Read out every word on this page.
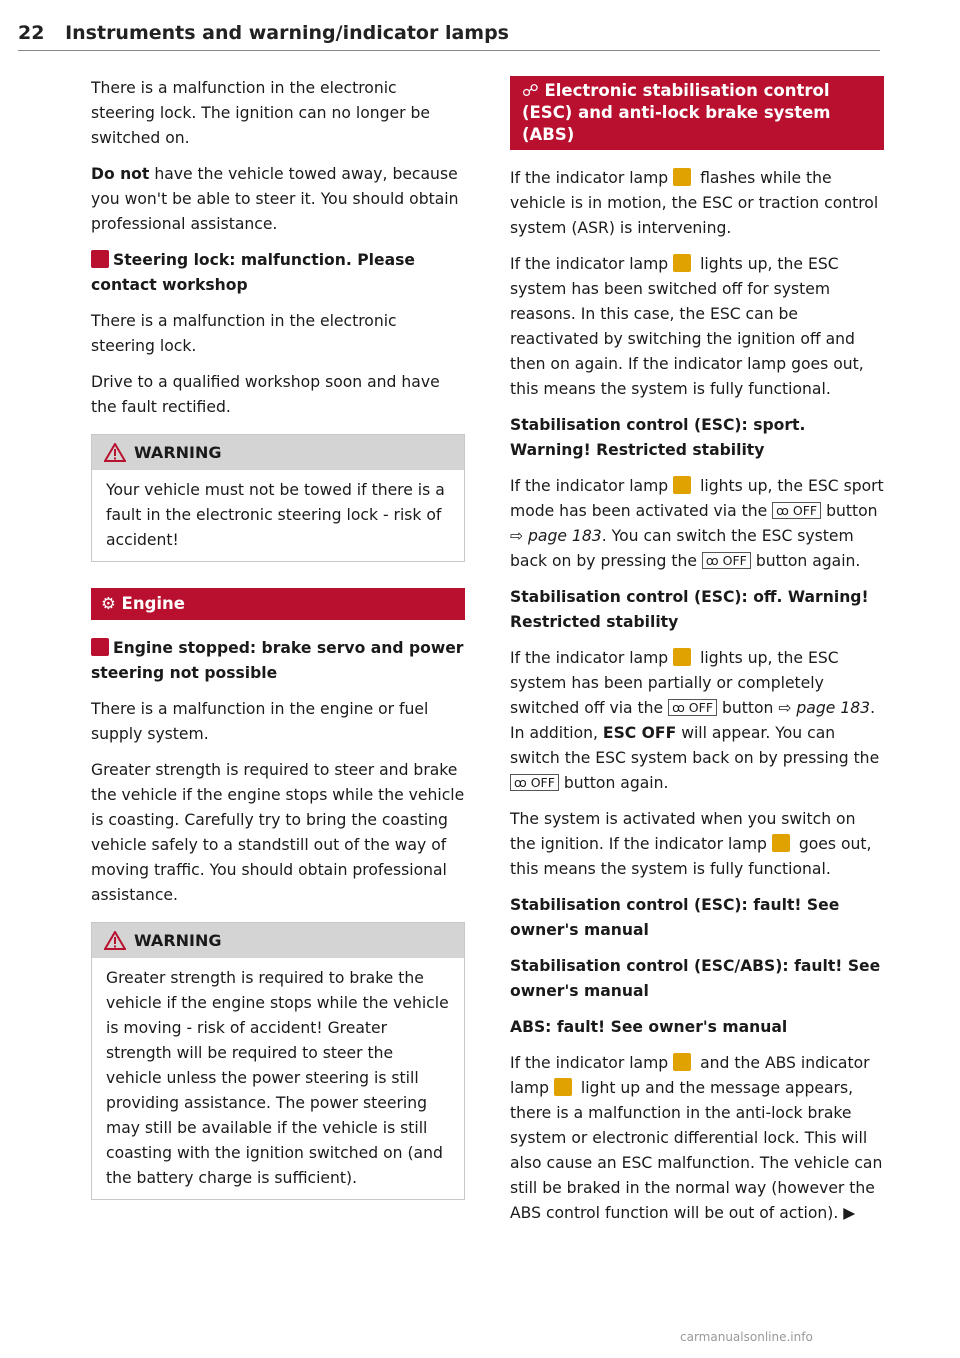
22 Instruments and warning/indicator lamps

There is a malfunction in the electronic steering lock. The ignition can no longer be switched on.

Do not have the vehicle towed away, because you won't be able to steer it. You should obtain professional assistance.

Steering lock: malfunction. Please contact workshop

There is a malfunction in the electronic steering lock.

Drive to a qualified workshop soon and have the fault rectified.

WARNING

Your vehicle must not be towed if there is a fault in the electronic steering lock - risk of accident!

⚙ Engine

Engine stopped: brake servo and power steering not possible

There is a malfunction in the engine or fuel supply system.

Greater strength is required to steer and brake the vehicle if the engine stops while the vehicle is coasting. Carefully try to bring the coasting vehicle safely to a standstill out of the way of moving traffic. You should obtain professional assistance.

WARNING

Greater strength is required to brake the vehicle if the engine stops while the vehicle is moving - risk of accident! Greater strength will be required to steer the vehicle unless the power steering is still providing assistance. The power steering may still be available if the vehicle is still coasting with the ignition switched on (and the battery charge is sufficient).

☍ Electronic stabilisation control (ESC) and anti-lock brake system (ABS)

If the indicator lamp  flashes while the vehicle is in motion, the ESC or traction control system (ASR) is intervening.

If the indicator lamp  lights up, the ESC system has been switched off for system reasons. In this case, the ESC can be reactivated by switching the ignition off and then on again. If the indicator lamp goes out, this means the system is fully functional.

Stabilisation control (ESC): sport. Warning! Restricted stability

If the indicator lamp  lights up, the ESC sport mode has been activated via the ꝏ OFF button ⇨ page 183. You can switch the ESC system back on by pressing the ꝏ OFF button again.

Stabilisation control (ESC): off. Warning! Restricted stability

If the indicator lamp  lights up, the ESC system has been partially or completely switched off via the ꝏ OFF button ⇨ page 183. In addition, ESC OFF will appear. You can switch the ESC system back on by pressing the ꝏ OFF button again.

The system is activated when you switch on the ignition. If the indicator lamp  goes out, this means the system is fully functional.

Stabilisation control (ESC): fault! See owner's manual

Stabilisation control (ESC/ABS): fault! See owner's manual

ABS: fault! See owner's manual

If the indicator lamp  and the ABS indicator lamp  light up and the message appears, there is a malfunction in the anti-lock brake system or electronic differential lock. This will also cause an ESC malfunction. The vehicle can still be braked in the normal way (however the ABS control function will be out of action). ▶

carmanualsonline.info
